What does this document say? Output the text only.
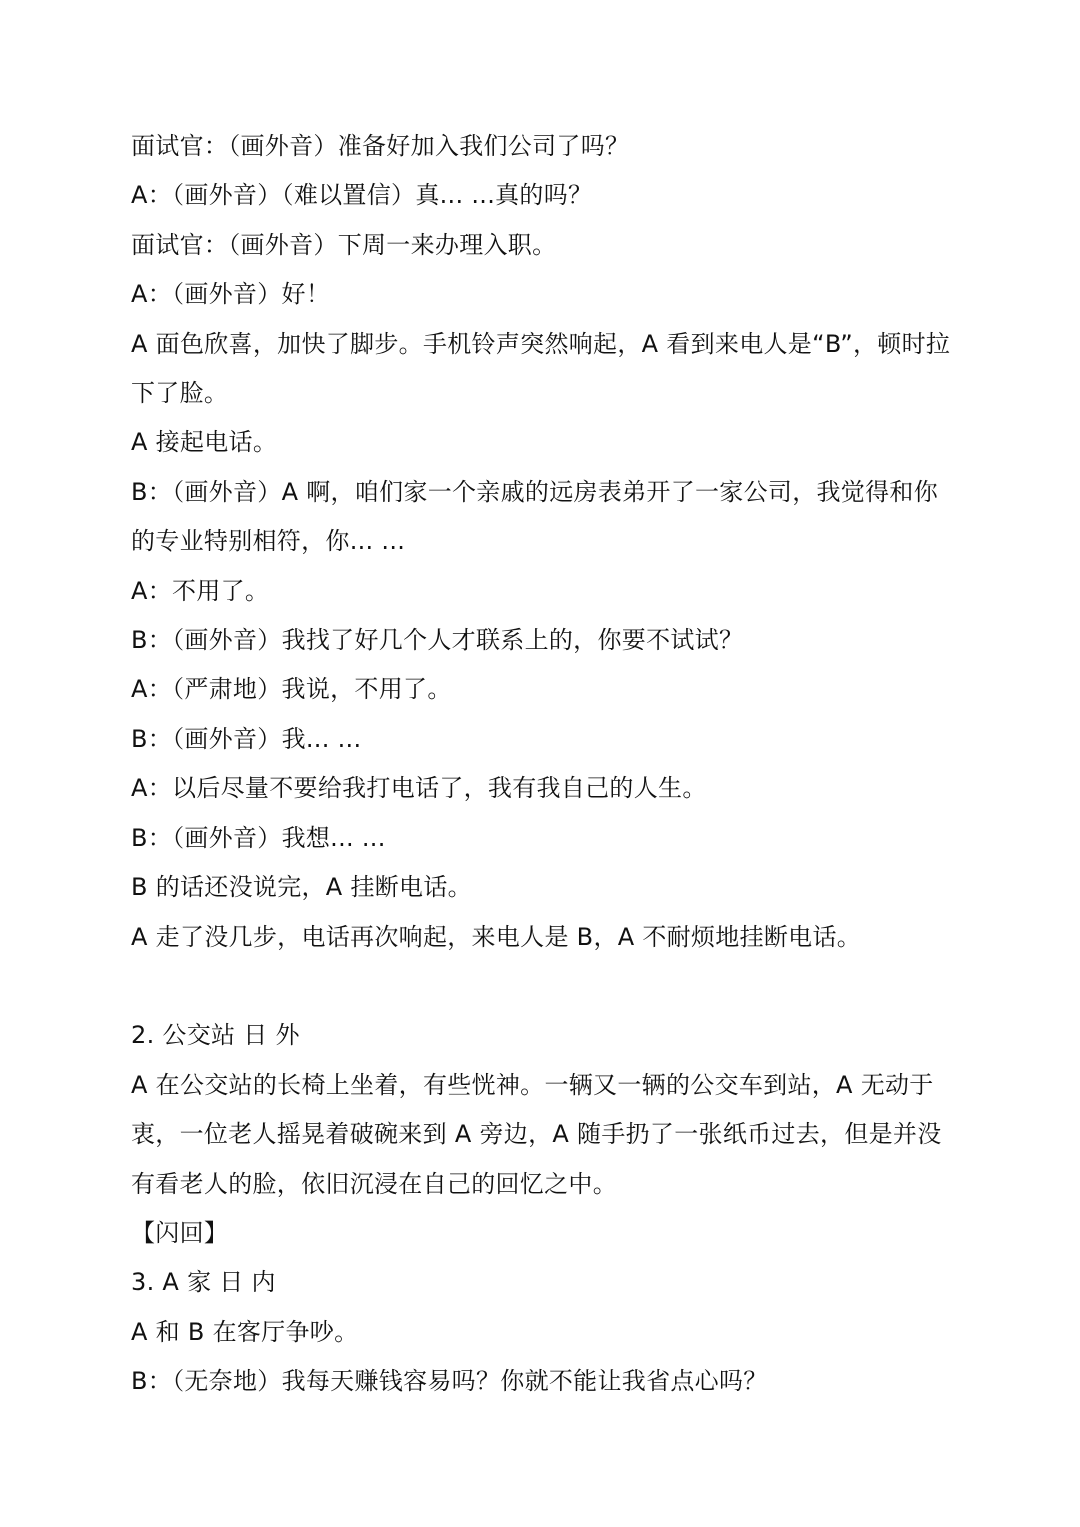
面试官：（画外音）准备好加入我们公司了吗？

A：（画外音）（难以置信）真... ...真的吗？

面试官：（画外音）下周一来办理入职。

A：（画外音）好！

A 面色欣喜，加快了脚步。手机铃声突然响起，A 看到来电人是“B”，顿时拉下了脸。

A 接起电话。

B：（画外音）A 啊，咱们家一个亲戚的远房表弟开了一家公司，我觉得和你的专业特别相符，你... ...

A：不用了。

B：（画外音）我找了好几个人才联系上的，你要不试试？

A：（严肃地）我说，不用了。

B：（画外音）我... ...

A：以后尽量不要给我打电话了，我有我自己的人生。

B：（画外音）我想... ...

B 的话还没说完，A 挂断电话。

A 走了没几步，电话再次响起，来电人是 B，A 不耐烦地挂断电话。

2. 公交站 日 外

A 在公交站的长椅上坐着，有些恍神。一辆又一辆的公交车到站，A 无动于衷，一位老人摇晃着破碗来到 A 旁边，A 随手扔了一张纸币过去，但是并没有看老人的脸，依旧沉浸在自己的回忆之中。

【闪回】

3. A 家 日 内

A 和 B 在客厅争吵。

B：（无奈地）我每天赚钱容易吗？你就不能让我省点心吗？
